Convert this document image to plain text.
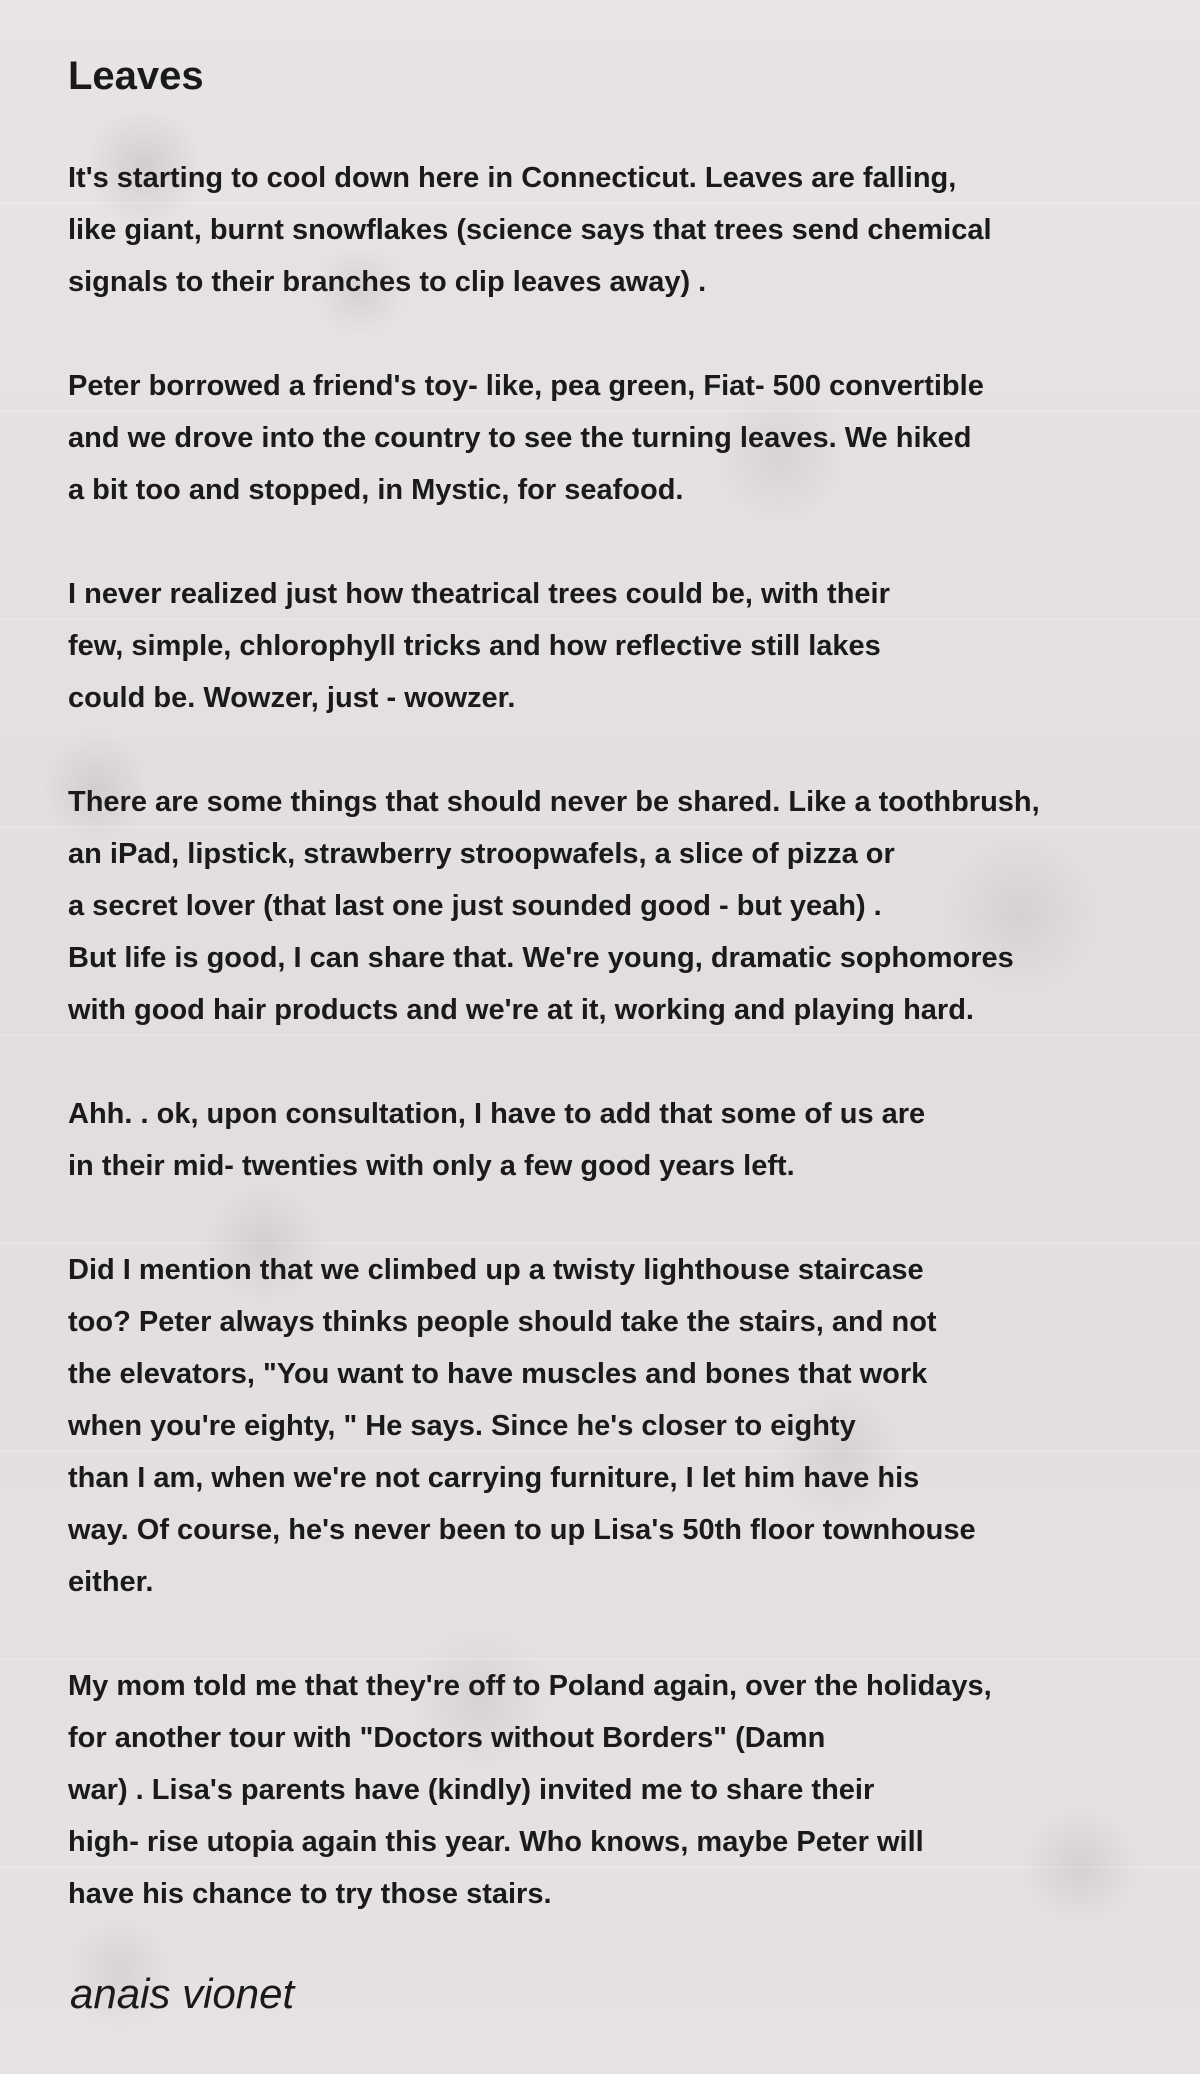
Leaves

It's starting to cool down here in Connecticut. Leaves are falling,
like giant, burnt snowflakes (science says that trees send chemical
signals to their branches to clip leaves away) .

Peter borrowed a friend's toy- like, pea green, Fiat- 500 convertible
and we drove into the country to see the turning leaves. We hiked
a bit too and stopped, in Mystic, for seafood.

I never realized just how theatrical trees could be, with their
few, simple, chlorophyll tricks and how reflective still lakes
could be. Wowzer, just - wowzer.

There are some things that should never be shared. Like a toothbrush,
an iPad, lipstick, strawberry stroopwafels, a slice of pizza or
a secret lover (that last one just sounded good - but yeah) .
But life is good, I can share that. We're young, dramatic sophomores
with good hair products and we're at it, working and playing hard.

Ahh. . ok, upon consultation, I have to add that some of us are
in their mid- twenties with only a few good years left.

Did I mention that we climbed up a twisty lighthouse staircase
too? Peter always thinks people should take the stairs, and not
the elevators, "You want to have muscles and bones that work
when you're eighty, " He says. Since he's closer to eighty
than I am, when we're not carrying furniture, I let him have his
way. Of course, he's never been to up Lisa's 50th floor townhouse
either.

My mom told me that they're off to Poland again, over the holidays,
for another tour with "Doctors without Borders" (Damn
war) . Lisa's parents have (kindly) invited me to share their
high- rise utopia again this year. Who knows, maybe Peter will
have his chance to try those stairs.

anais vionet
